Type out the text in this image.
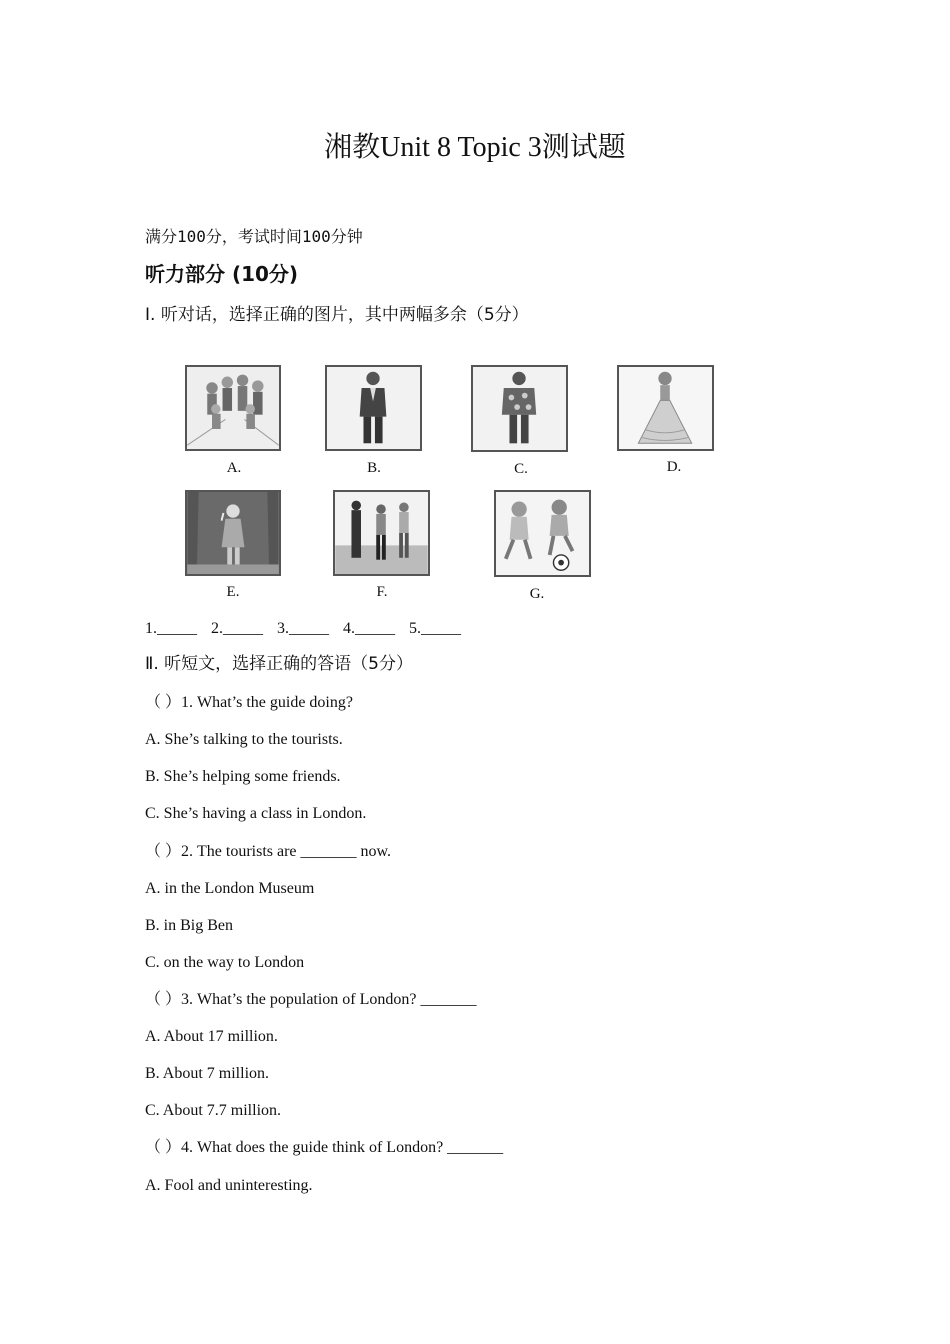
湘教Unit 8 Topic 3测试题
满分100分，考试时间100分钟
听力部分 (10分)
Ⅰ. 听对话，选择正确的图片，其中两幅多余（5分）
A.	B.	C.	D.
E.	F.	G.
1._____ 2._____ 3._____ 4._____ 5._____
Ⅱ. 听短文，选择正确的答语（5分）
（ ）1. What’s the guide doing?
A. She’s talking to the tourists.
B. She’s helping some friends.
C. She’s having a class in London.
（ ）2. The tourists are _______ now.
A. in the London Museum
B. in Big Ben
C. on the way to London
（ ）3. What’s the population of London? _______
A. About 17 million.
B. About 7 million.
C. About 7.7 million.
（ ）4. What does the guide think of London? _______
A. Fool and uninteresting.
